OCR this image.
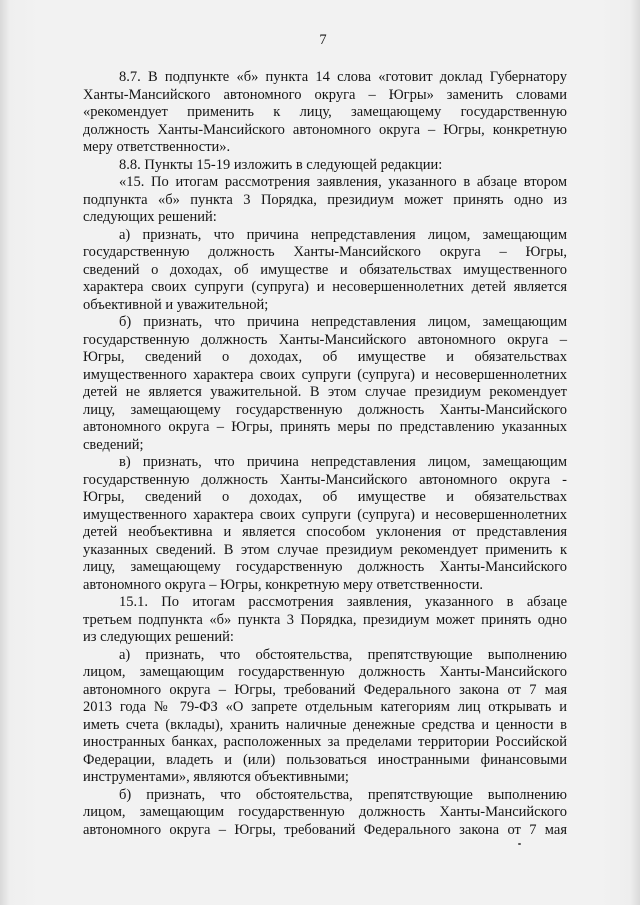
7
8.7. В подпункте «б» пункта 14 слова «готовит доклад Губернатору
Ханты-Мансийского автономного округа – Югры» заменить словами
«рекомендует применить к лицу, замещающему государственную
должность Ханты-Мансийского автономного округа – Югры, конкретную
меру ответственности».
8.8. Пункты 15-19 изложить в следующей редакции:
«15. По итогам рассмотрения заявления, указанного в абзаце втором
подпункта «б» пункта 3 Порядка, президиум может принять одно из
следующих решений:
а) признать, что причина непредставления лицом, замещающим
государственную должность Ханты-Мансийского округа – Югры,
сведений о доходах, об имуществе и обязательствах имущественного
характера своих супруги (супруга) и несовершеннолетних детей является
объективной и уважительной;
б) признать, что причина непредставления лицом, замещающим
государственную должность Ханты-Мансийского автономного округа –
Югры, сведений о доходах, об имуществе и обязательствах
имущественного характера своих супруги (супруга) и несовершеннолетних
детей не является уважительной. В этом случае президиум рекомендует
лицу, замещающему государственную должность Ханты-Мансийского
автономного округа – Югры, принять меры по представлению указанных
сведений;
в) признать, что причина непредставления лицом, замещающим
государственную должность Ханты-Мансийского автономного округа -
Югры, сведений о доходах, об имуществе и обязательствах
имущественного характера своих супруги (супруга) и несовершеннолетних
детей необъективна и является способом уклонения от представления
указанных сведений. В этом случае президиум рекомендует применить к
лицу, замещающему государственную должность Ханты-Мансийского
автономного округа – Югры, конкретную меру ответственности.
15.1. По итогам рассмотрения заявления, указанного в абзаце
третьем подпункта «б» пункта 3 Порядка, президиум может принять одно
из следующих решений:
а) признать, что обстоятельства, препятствующие выполнению
лицом, замещающим государственную должность Ханты-Мансийского
автономного округа – Югры, требований Федерального закона от 7 мая
2013 года № 79-ФЗ «О запрете отдельным категориям лиц открывать и
иметь счета (вклады), хранить наличные денежные средства и ценности в
иностранных банках, расположенных за пределами территории Российской
Федерации, владеть и (или) пользоваться иностранными финансовыми
инструментами», являются объективными;
б) признать, что обстоятельства, препятствующие выполнению
лицом, замещающим государственную должность Ханты-Мансийского
автономного округа – Югры, требований Федерального закона от 7 мая
